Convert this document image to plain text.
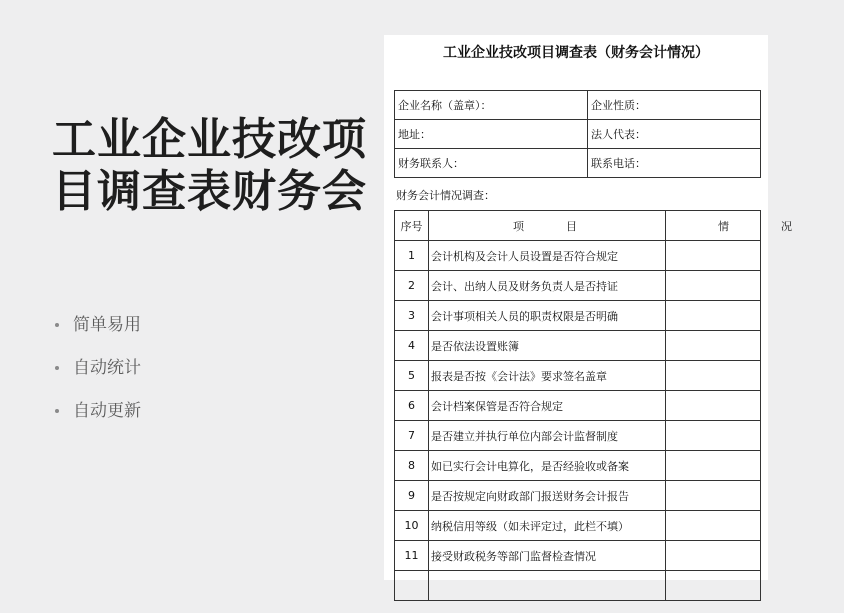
工业企业技改项
目调查表财务会
简单易用
自动统计
自动更新
工业企业技改项目调查表（财务会计情况）
企业名称（盖章）：	企业性质：
地址：	法人代表：
财务联系人：	联系电话：
财务会计情况调查：
序号	项目	情况
1	会计机构及会计人员设置是否符合规定	
2	会计、出纳人员及财务负责人是否持证	
3	会计事项相关人员的职责权限是否明确	
4	是否依法设置账簿	
5	报表是否按《会计法》要求签名盖章	
6	会计档案保管是否符合规定	
7	是否建立并执行单位内部会计监督制度	
8	如已实行会计电算化，是否经验收或备案	
9	是否按规定向财政部门报送财务会计报告	
10	纳税信用等级（如未评定过，此栏不填）	
11	接受财政税务等部门监督检查情况	
